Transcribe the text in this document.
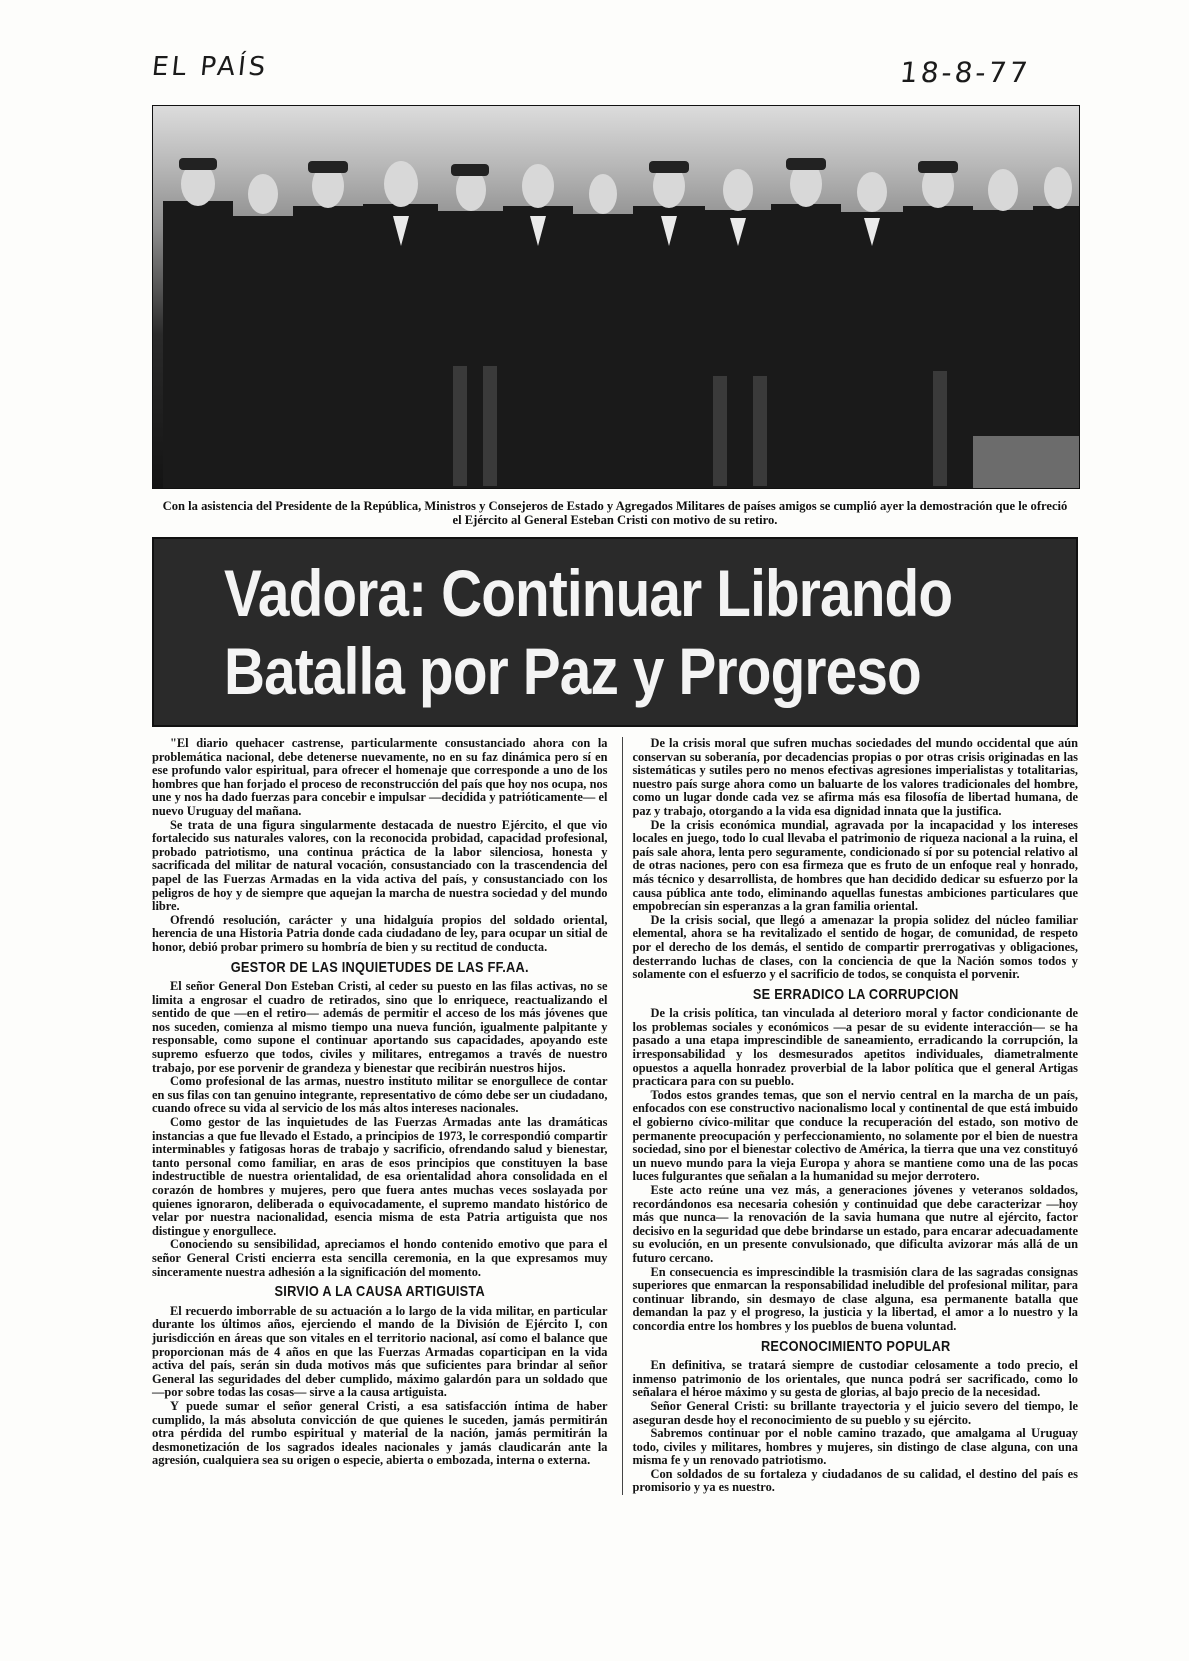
EL PAÍS	18-8-77
Con la asistencia del Presidente de la República, Ministros y Consejeros de Estado y Agregados Militares de países amigos se cumplió ayer la demostración que le ofreció el Ejército al General Esteban Cristi con motivo de su retiro.
Vadora: Continuar Librando
Batalla por Paz y Progreso

"El diario quehacer castrense, particularmente consustanciado ahora con la problemática nacional, debe detenerse nuevamente, no en su faz dinámica pero sí en ese profundo valor espiritual, para ofrecer el homenaje que corresponde a uno de los hombres que han forjado el proceso de reconstrucción del país que hoy nos ocupa, nos une y nos ha dado fuerzas para concebir e impulsar —decidida y patrióticamente— el nuevo Uruguay del mañana.

Se trata de una figura singularmente destacada de nuestro Ejército, el que vio fortalecido sus naturales valores, con la reconocida probidad, capacidad profesional, probado patriotismo, una continua práctica de la labor silenciosa, honesta y sacrificada del militar de natural vocación, consustanciado con la trascendencia del papel de las Fuerzas Armadas en la vida activa del país, y consustanciado con los peligros de hoy y de siempre que aquejan la marcha de nuestra sociedad y del mundo libre.

Ofrendó resolución, carácter y una hidalguía propios del soldado oriental, herencia de una Historia Patria donde cada ciudadano de ley, para ocupar un sitial de honor, debió probar primero su hombría de bien y su rectitud de conducta.

GESTOR DE LAS INQUIETUDES DE LAS FF.AA.

El señor General Don Esteban Cristi, al ceder su puesto en las filas activas, no se limita a engrosar el cuadro de retirados, sino que lo enriquece, reactualizando el sentido de que —en el retiro— además de permitir el acceso de los más jóvenes que nos suceden, comienza al mismo tiempo una nueva función, igualmente palpitante y responsable, como supone el continuar aportando sus capacidades, apoyando este supremo esfuerzo que todos, civiles y militares, entregamos a través de nuestro trabajo, por ese porvenir de grandeza y bienestar que recibirán nuestros hijos.

Como profesional de las armas, nuestro instituto militar se enorgullece de contar en sus filas con tan genuino integrante, representativo de cómo debe ser un ciudadano, cuando ofrece su vida al servicio de los más altos intereses nacionales.

Como gestor de las inquietudes de las Fuerzas Armadas ante las dramáticas instancias a que fue llevado el Estado, a principios de 1973, le correspondió compartir interminables y fatigosas horas de trabajo y sacrificio, ofrendando salud y bienestar, tanto personal como familiar, en aras de esos principios que constituyen la base indestructible de nuestra orientalidad, de esa orientalidad ahora consolidada en el corazón de hombres y mujeres, pero que fuera antes muchas veces soslayada por quienes ignoraron, deliberada o equivocadamente, el supremo mandato histórico de velar por nuestra nacionalidad, esencia misma de esta Patria artiguista que nos distingue y enorgullece.

Conociendo su sensibilidad, apreciamos el hondo contenido emotivo que para el señor General Cristi encierra esta sencilla ceremonia, en la que expresamos muy sinceramente nuestra adhesión a la significación del momento.

SIRVIO A LA CAUSA ARTIGUISTA

El recuerdo imborrable de su actuación a lo largo de la vida militar, en particular durante los últimos años, ejerciendo el mando de la División de Ejército I, con jurisdicción en áreas que son vitales en el territorio nacional, así como el balance que proporcionan más de 4 años en que las Fuerzas Armadas coparticipan en la vida activa del país, serán sin duda motivos más que suficientes para brindar al señor General las seguridades del deber cumplido, máximo galardón para un soldado que —por sobre todas las cosas— sirve a la causa artiguista.

Y puede sumar el señor general Cristi, a esa satisfacción íntima de haber cumplido, la más absoluta convicción de que quienes le suceden, jamás permitirán otra pérdida del rumbo espiritual y material de la nación, jamás permitirán la desmonetización de los sagrados ideales nacionales y jamás claudicarán ante la agresión, cualquiera sea su origen o especie, abierta o embozada, interna o externa.

De la crisis moral que sufren muchas sociedades del mundo occidental que aún conservan su soberanía, por decadencias propias o por otras crisis originadas en las sistemáticas y sutiles pero no menos efectivas agresiones imperialistas y totalitarias, nuestro país surge ahora como un baluarte de los valores tradicionales del hombre, como un lugar donde cada vez se afirma más esa filosofía de libertad humana, de paz y trabajo, otorgando a la vida esa dignidad innata que la justifica.

De la crisis económica mundial, agravada por la incapacidad y los intereses locales en juego, todo lo cual llevaba el patrimonio de riqueza nacional a la ruina, el país sale ahora, lenta pero seguramente, condicionado sí por su potencial relativo al de otras naciones, pero con esa firmeza que es fruto de un enfoque real y honrado, más técnico y desarrollista, de hombres que han decidido dedicar su esfuerzo por la causa pública ante todo, eliminando aquellas funestas ambiciones particulares que empobrecían sin esperanzas a la gran familia oriental.

De la crisis social, que llegó a amenazar la propia solidez del núcleo familiar elemental, ahora se ha revitalizado el sentido de hogar, de comunidad, de respeto por el derecho de los demás, el sentido de compartir prerrogativas y obligaciones, desterrando luchas de clases, con la conciencia de que la Nación somos todos y solamente con el esfuerzo y el sacrificio de todos, se conquista el porvenir.

SE ERRADICO LA CORRUPCION

De la crisis política, tan vinculada al deterioro moral y factor condicionante de los problemas sociales y económicos —a pesar de su evidente interacción— se ha pasado a una etapa imprescindible de saneamiento, erradicando la corrupción, la irresponsabilidad y los desmesurados apetitos individuales, diametralmente opuestos a aquella honradez proverbial de la labor política que el general Artigas practicara para con su pueblo.

Todos estos grandes temas, que son el nervio central en la marcha de un país, enfocados con ese constructivo nacionalismo local y continental de que está imbuido el gobierno cívico-militar que conduce la recuperación del estado, son motivo de permanente preocupación y perfeccionamiento, no solamente por el bien de nuestra sociedad, sino por el bienestar colectivo de América, la tierra que una vez constituyó un nuevo mundo para la vieja Europa y ahora se mantiene como una de las pocas luces fulgurantes que señalan a la humanidad su mejor derrotero.

Este acto reúne una vez más, a generaciones jóvenes y veteranos soldados, recordándonos esa necesaria cohesión y continuidad que debe caracterizar —hoy más que nunca— la renovación de la savia humana que nutre al ejército, factor decisivo en la seguridad que debe brindarse un estado, para encarar adecuadamente su evolución, en un presente convulsionado, que dificulta avizorar más allá de un futuro cercano.

En consecuencia es imprescindible la trasmisión clara de las sagradas consignas superiores que enmarcan la responsabilidad ineludible del profesional militar, para continuar librando, sin desmayo de clase alguna, esa permanente batalla que demandan la paz y el progreso, la justicia y la libertad, el amor a lo nuestro y la concordia entre los hombres y los pueblos de buena voluntad.

RECONOCIMIENTO POPULAR

En definitiva, se tratará siempre de custodiar celosamente a todo precio, el inmenso patrimonio de los orientales, que nunca podrá ser sacrificado, como lo señalara el héroe máximo y su gesta de glorias, al bajo precio de la necesidad.

Señor General Cristi: su brillante trayectoria y el juicio severo del tiempo, le aseguran desde hoy el reconocimiento de su pueblo y su ejército.

Sabremos continuar por el noble camino trazado, que amalgama al Uruguay todo, civiles y militares, hombres y mujeres, sin distingo de clase alguna, con una misma fe y un renovado patriotismo.

Con soldados de su fortaleza y ciudadanos de su calidad, el destino del país es promisorio y ya es nuestro.
